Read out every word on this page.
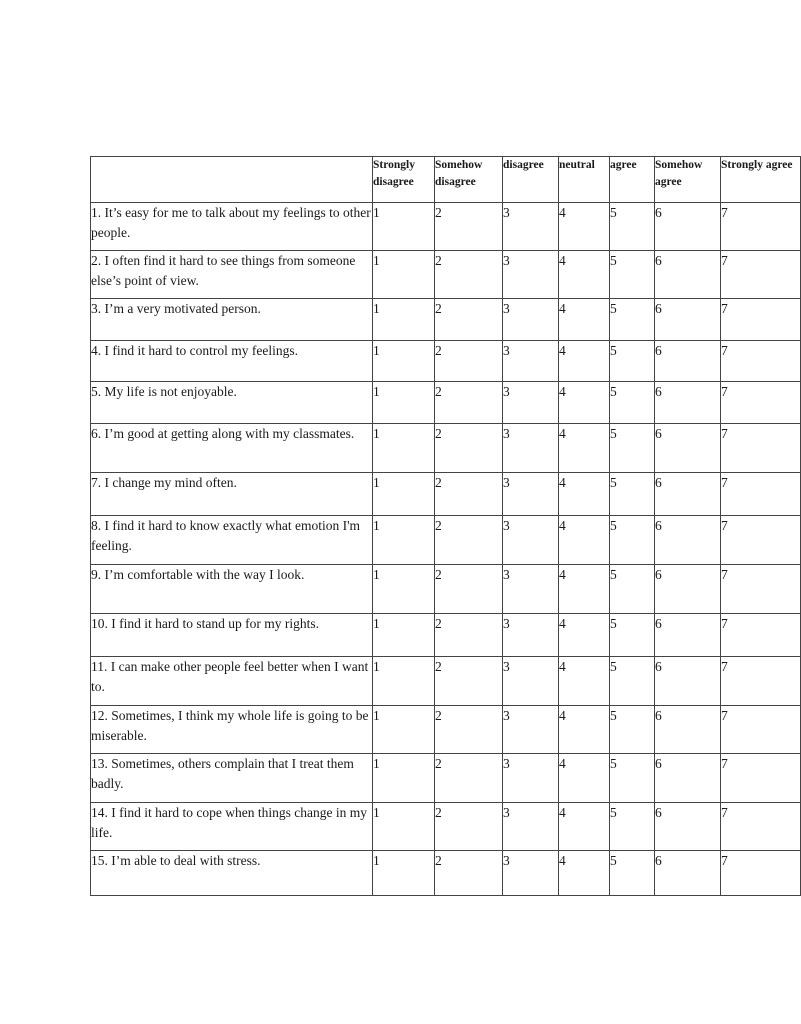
	Strongly disagree	Somehow disagree	disagree	neutral	agree	Somehow agree	Strongly agree
1. It’s easy for me to talk about my feelings to other people.	1	2	3	4	5	6	7
2. I often find it hard to see things from someone else’s point of view.	1	2	3	4	5	6	7
3. I’m a very motivated person.	1	2	3	4	5	6	7
4. I find it hard to control my feelings.	1	2	3	4	5	6	7
5. My life is not enjoyable.	1	2	3	4	5	6	7
6. I’m good at getting along with my classmates.	1	2	3	4	5	6	7
7. I change my mind often.	1	2	3	4	5	6	7
8. I find it hard to know exactly what emotion I'm feeling.	1	2	3	4	5	6	7
9. I’m comfortable with the way I look.	1	2	3	4	5	6	7
10. I find it hard to stand up for my rights.	1	2	3	4	5	6	7
11. I can make other people feel better when I want to.	1	2	3	4	5	6	7
12. Sometimes, I think my whole life is going to be miserable.	1	2	3	4	5	6	7
13. Sometimes, others complain that I treat them badly.	1	2	3	4	5	6	7
14. I find it hard to cope when things change in my life.	1	2	3	4	5	6	7
15. I’m able to deal with stress.	1	2	3	4	5	6	7
